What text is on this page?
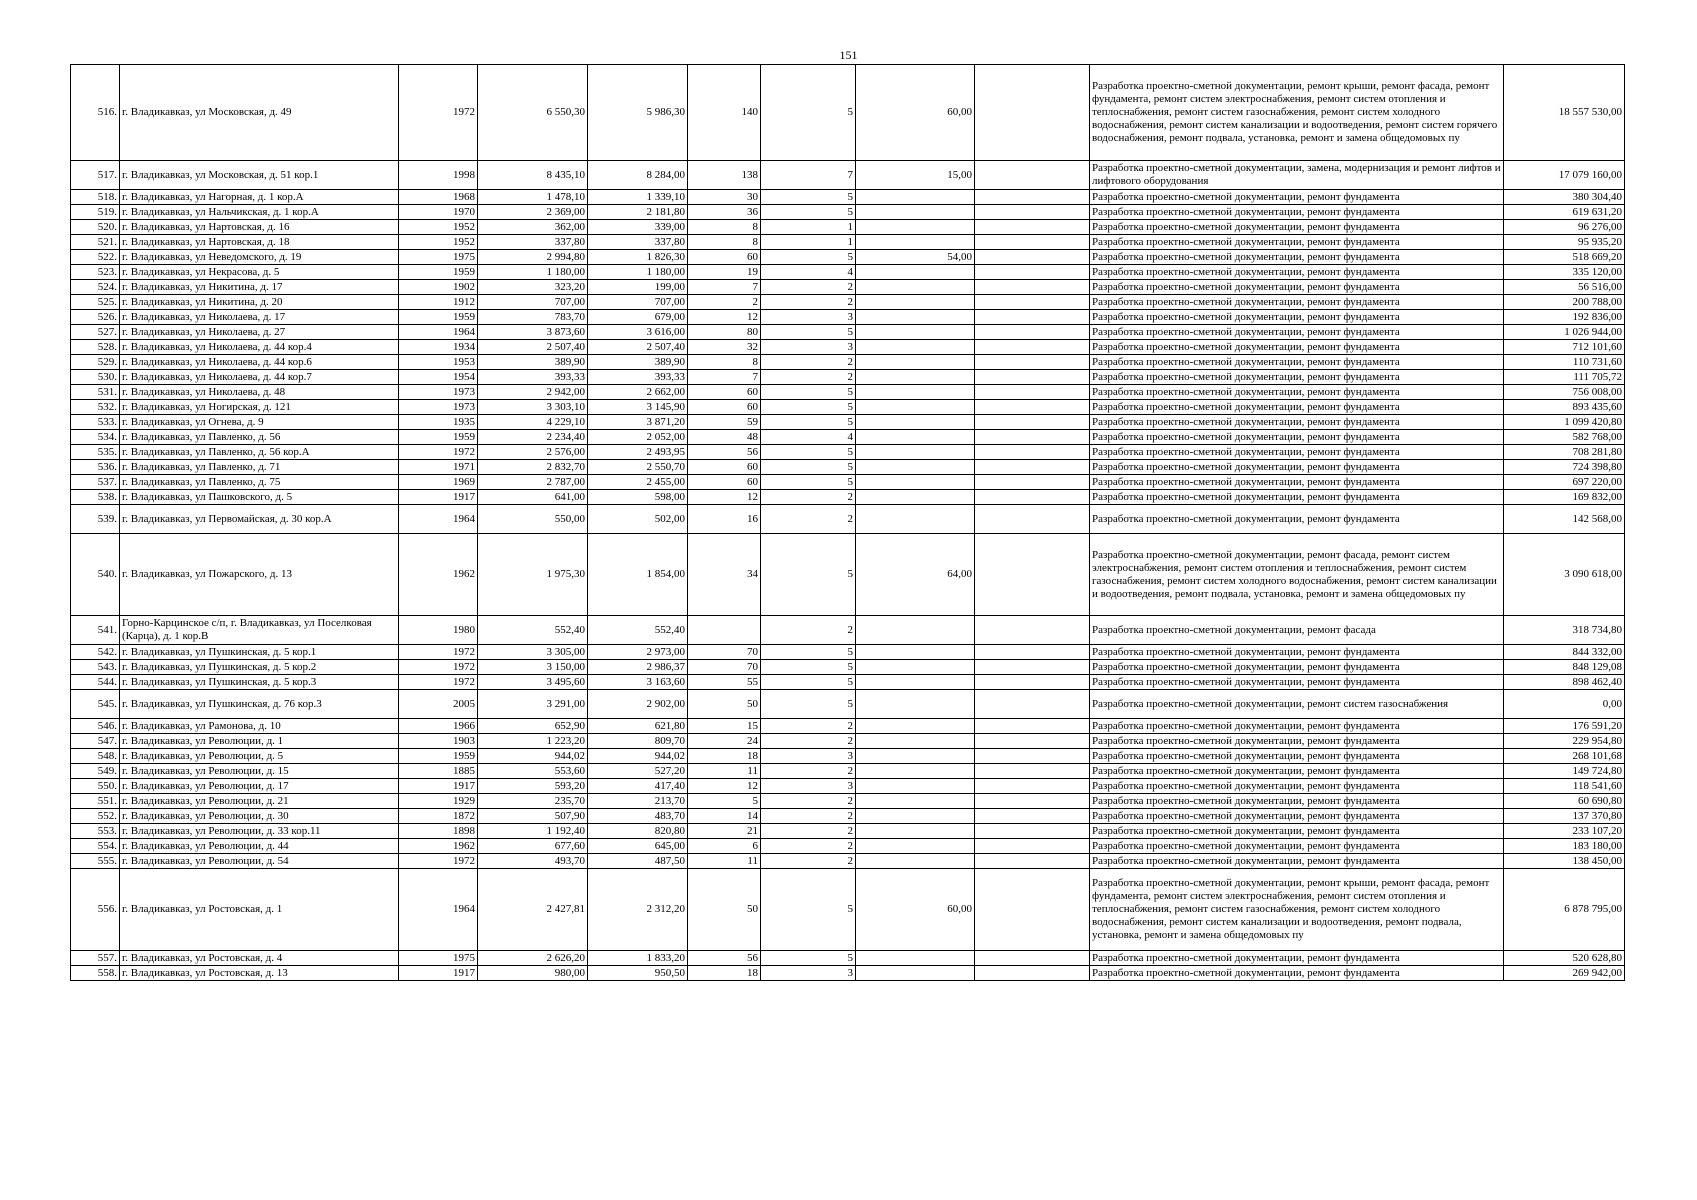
151
516.	г. Владикавказ, ул Московская, д. 49	1972	6 550,30	5 986,30	140	5	60,00		Разработка проектно-сметной документации, ремонт крыши, ремонт фасада, ремонт фундамента, ремонт систем электроснабжения, ремонт систем отопления и теплоснабжения, ремонт систем газоснабжения, ремонт систем холодного водоснабжения, ремонт систем канализации и водоотведения, ремонт систем горячего водоснабжения, ремонт подвала, установка, ремонт и замена общедомовых пу	18 557 530,00
517.	г. Владикавказ, ул Московская, д. 51 кор.1	1998	8 435,10	8 284,00	138	7	15,00		Разработка проектно-сметной документации, замена, модернизация и ремонт лифтов и лифтового оборудования	17 079 160,00
518.	г. Владикавказ, ул Нагорная, д. 1 кор.А	1968	1 478,10	1 339,10	30	5			Разработка проектно-сметной документации, ремонт фундамента	380 304,40
519.	г. Владикавказ, ул Нальчикская, д. 1 кор.А	1970	2 369,00	2 181,80	36	5			Разработка проектно-сметной документации, ремонт фундамента	619 631,20
520.	г. Владикавказ, ул Нартовская, д. 16	1952	362,00	339,00	8	1			Разработка проектно-сметной документации, ремонт фундамента	96 276,00
521.	г. Владикавказ, ул Нартовская, д. 18	1952	337,80	337,80	8	1			Разработка проектно-сметной документации, ремонт фундамента	95 935,20
522.	г. Владикавказ, ул Неведомского, д. 19	1975	2 994,80	1 826,30	60	5	54,00		Разработка проектно-сметной документации, ремонт фундамента	518 669,20
523.	г. Владикавказ, ул Некрасова, д. 5	1959	1 180,00	1 180,00	19	4			Разработка проектно-сметной документации, ремонт фундамента	335 120,00
524.	г. Владикавказ, ул Никитина, д. 17	1902	323,20	199,00	7	2			Разработка проектно-сметной документации, ремонт фундамента	56 516,00
525.	г. Владикавказ, ул Никитина, д. 20	1912	707,00	707,00	2	2			Разработка проектно-сметной документации, ремонт фундамента	200 788,00
526.	г. Владикавказ, ул Николаева, д. 17	1959	783,70	679,00	12	3			Разработка проектно-сметной документации, ремонт фундамента	192 836,00
527.	г. Владикавказ, ул Николаева, д. 27	1964	3 873,60	3 616,00	80	5			Разработка проектно-сметной документации, ремонт фундамента	1 026 944,00
528.	г. Владикавказ, ул Николаева, д. 44 кор.4	1934	2 507,40	2 507,40	32	3			Разработка проектно-сметной документации, ремонт фундамента	712 101,60
529.	г. Владикавказ, ул Николаева, д. 44 кор.6	1953	389,90	389,90	8	2			Разработка проектно-сметной документации, ремонт фундамента	110 731,60
530.	г. Владикавказ, ул Николаева, д. 44 кор.7	1954	393,33	393,33	7	2			Разработка проектно-сметной документации, ремонт фундамента	111 705,72
531.	г. Владикавказ, ул Николаева, д. 48	1973	2 942,00	2 662,00	60	5			Разработка проектно-сметной документации, ремонт фундамента	756 008,00
532.	г. Владикавказ, ул Ногирская, д. 121	1973	3 303,10	3 145,90	60	5			Разработка проектно-сметной документации, ремонт фундамента	893 435,60
533.	г. Владикавказ, ул Огнева, д. 9	1935	4 229,10	3 871,20	59	5			Разработка проектно-сметной документации, ремонт фундамента	1 099 420,80
534.	г. Владикавказ, ул Павленко, д. 56	1959	2 234,40	2 052,00	48	4			Разработка проектно-сметной документации, ремонт фундамента	582 768,00
535.	г. Владикавказ, ул Павленко, д. 56 кор.А	1972	2 576,00	2 493,95	56	5			Разработка проектно-сметной документации, ремонт фундамента	708 281,80
536.	г. Владикавказ, ул Павленко, д. 71	1971	2 832,70	2 550,70	60	5			Разработка проектно-сметной документации, ремонт фундамента	724 398,80
537.	г. Владикавказ, ул Павленко, д. 75	1969	2 787,00	2 455,00	60	5			Разработка проектно-сметной документации, ремонт фундамента	697 220,00
538.	г. Владикавказ, ул Пашковского, д. 5	1917	641,00	598,00	12	2			Разработка проектно-сметной документации, ремонт фундамента	169 832,00
539.	г. Владикавказ, ул Первомайская, д. 30 кор.А	1964	550,00	502,00	16	2			Разработка проектно-сметной документации, ремонт фундамента	142 568,00
540.	г. Владикавказ, ул Пожарского, д. 13	1962	1 975,30	1 854,00	34	5	64,00		Разработка проектно-сметной документации, ремонт фасада, ремонт систем электроснабжения, ремонт систем отопления и теплоснабжения, ремонт систем газоснабжения, ремонт систем холодного водоснабжения, ремонт систем канализации и водоотведения, ремонт подвала, установка, ремонт и замена общедомовых пу	3 090 618,00
541.	Горно-Карцинское с/п, г. Владикавказ, ул Поселковая (Карца), д. 1 кор.В	1980	552,40	552,40		2			Разработка проектно-сметной документации, ремонт фасада	318 734,80
542.	г. Владикавказ, ул Пушкинская, д. 5 кор.1	1972	3 305,00	2 973,00	70	5			Разработка проектно-сметной документации, ремонт фундамента	844 332,00
543.	г. Владикавказ, ул Пушкинская, д. 5 кор.2	1972	3 150,00	2 986,37	70	5			Разработка проектно-сметной документации, ремонт фундамента	848 129,08
544.	г. Владикавказ, ул Пушкинская, д. 5 кор.3	1972	3 495,60	3 163,60	55	5			Разработка проектно-сметной документации, ремонт фундамента	898 462,40
545.	г. Владикавказ, ул Пушкинская, д. 76 кор.3	2005	3 291,00	2 902,00	50	5			Разработка проектно-сметной документации, ремонт систем газоснабжения	0,00
546.	г. Владикавказ, ул Рамонова, д. 10	1966	652,90	621,80	15	2			Разработка проектно-сметной документации, ремонт фундамента	176 591,20
547.	г. Владикавказ, ул Революции, д. 1	1903	1 223,20	809,70	24	2			Разработка проектно-сметной документации, ремонт фундамента	229 954,80
548.	г. Владикавказ, ул Революции, д. 5	1959	944,02	944,02	18	3			Разработка проектно-сметной документации, ремонт фундамента	268 101,68
549.	г. Владикавказ, ул Революции, д. 15	1885	553,60	527,20	11	2			Разработка проектно-сметной документации, ремонт фундамента	149 724,80
550.	г. Владикавказ, ул Революции, д. 17	1917	593,20	417,40	12	3			Разработка проектно-сметной документации, ремонт фундамента	118 541,60
551.	г. Владикавказ, ул Революции, д. 21	1929	235,70	213,70	5	2			Разработка проектно-сметной документации, ремонт фундамента	60 690,80
552.	г. Владикавказ, ул Революции, д. 30	1872	507,90	483,70	14	2			Разработка проектно-сметной документации, ремонт фундамента	137 370,80
553.	г. Владикавказ, ул Революции, д. 33 кор.11	1898	1 192,40	820,80	21	2			Разработка проектно-сметной документации, ремонт фундамента	233 107,20
554.	г. Владикавказ, ул Революции, д. 44	1962	677,60	645,00	6	2			Разработка проектно-сметной документации, ремонт фундамента	183 180,00
555.	г. Владикавказ, ул Революции, д. 54	1972	493,70	487,50	11	2			Разработка проектно-сметной документации, ремонт фундамента	138 450,00
556.	г. Владикавказ, ул Ростовская, д. 1	1964	2 427,81	2 312,20	50	5	60,00		Разработка проектно-сметной документации, ремонт крыши, ремонт фасада, ремонт фундамента, ремонт систем электроснабжения, ремонт систем отопления и теплоснабжения, ремонт систем газоснабжения, ремонт систем холодного водоснабжения, ремонт систем канализации и водоотведения, ремонт подвала, установка, ремонт и замена общедомовых пу	6 878 795,00
557.	г. Владикавказ, ул Ростовская, д. 4	1975	2 626,20	1 833,20	56	5			Разработка проектно-сметной документации, ремонт фундамента	520 628,80
558.	г. Владикавказ, ул Ростовская, д. 13	1917	980,00	950,50	18	3			Разработка проектно-сметной документации, ремонт фундамента	269 942,00
